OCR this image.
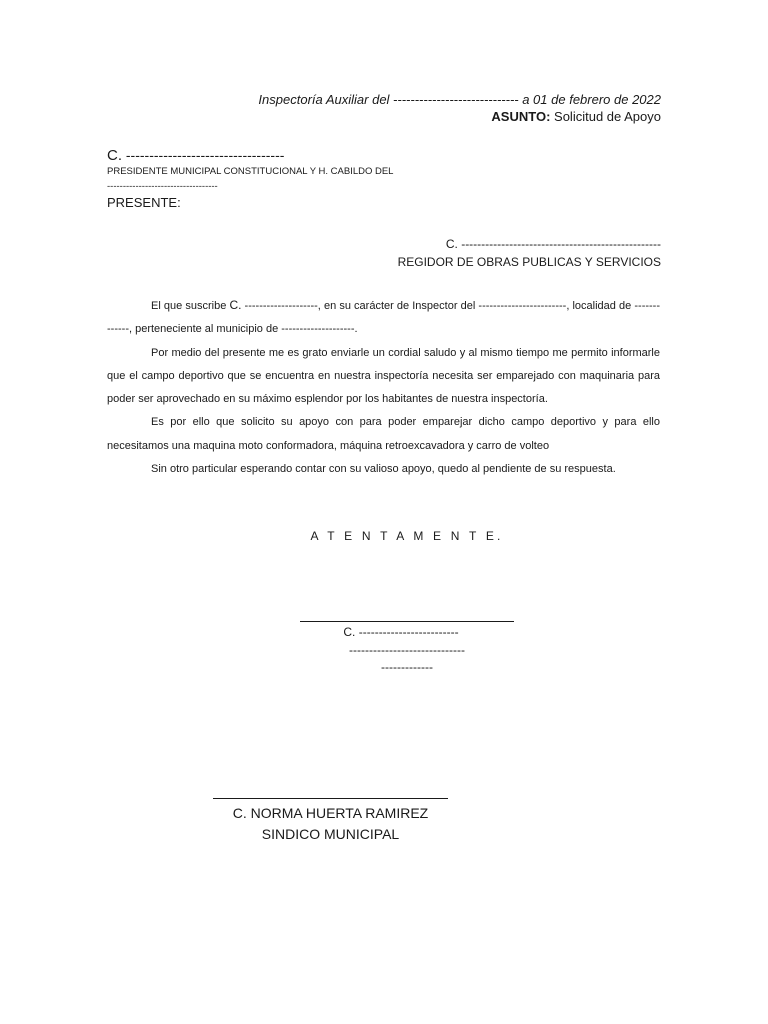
Inspectoría Auxiliar del ----------------------------- a 01 de febrero de 2022
ASUNTO: Solicitud de Apoyo
C. ----------------------------------
PRESIDENTE MUNICIPAL CONSTITUCIONAL Y H. CABILDO DEL
-----------------------------------
PRESENTE:
C. --------------------------------------------------
REGIDOR DE OBRAS PUBLICAS Y SERVICIOS

El que suscribe C. --------------------, en su carácter de Inspector del ------------------------, localidad de -------------, perteneciente al municipio de --------------------.

Por medio del presente me es grato enviarle un cordial saludo y al mismo tiempo me permito informarle que el campo deportivo que se encuentra en nuestra inspectoría necesita ser emparejado con maquinaria para poder ser aprovechado en su máximo esplendor por los habitantes de nuestra inspectoría.

Es por ello que solicito su apoyo con para poder emparejar dicho campo deportivo y para ello necesitamos una maquina moto conformadora, máquina retroexcavadora y carro de volteo

Sin otro particular esperando contar con su valioso apoyo, quedo al pendiente de su respuesta.

A T E N T A M E N T E.
C. -------------------------
-----------------------------
-------------
C. NORMA HUERTA RAMIREZ
SINDICO MUNICIPAL
